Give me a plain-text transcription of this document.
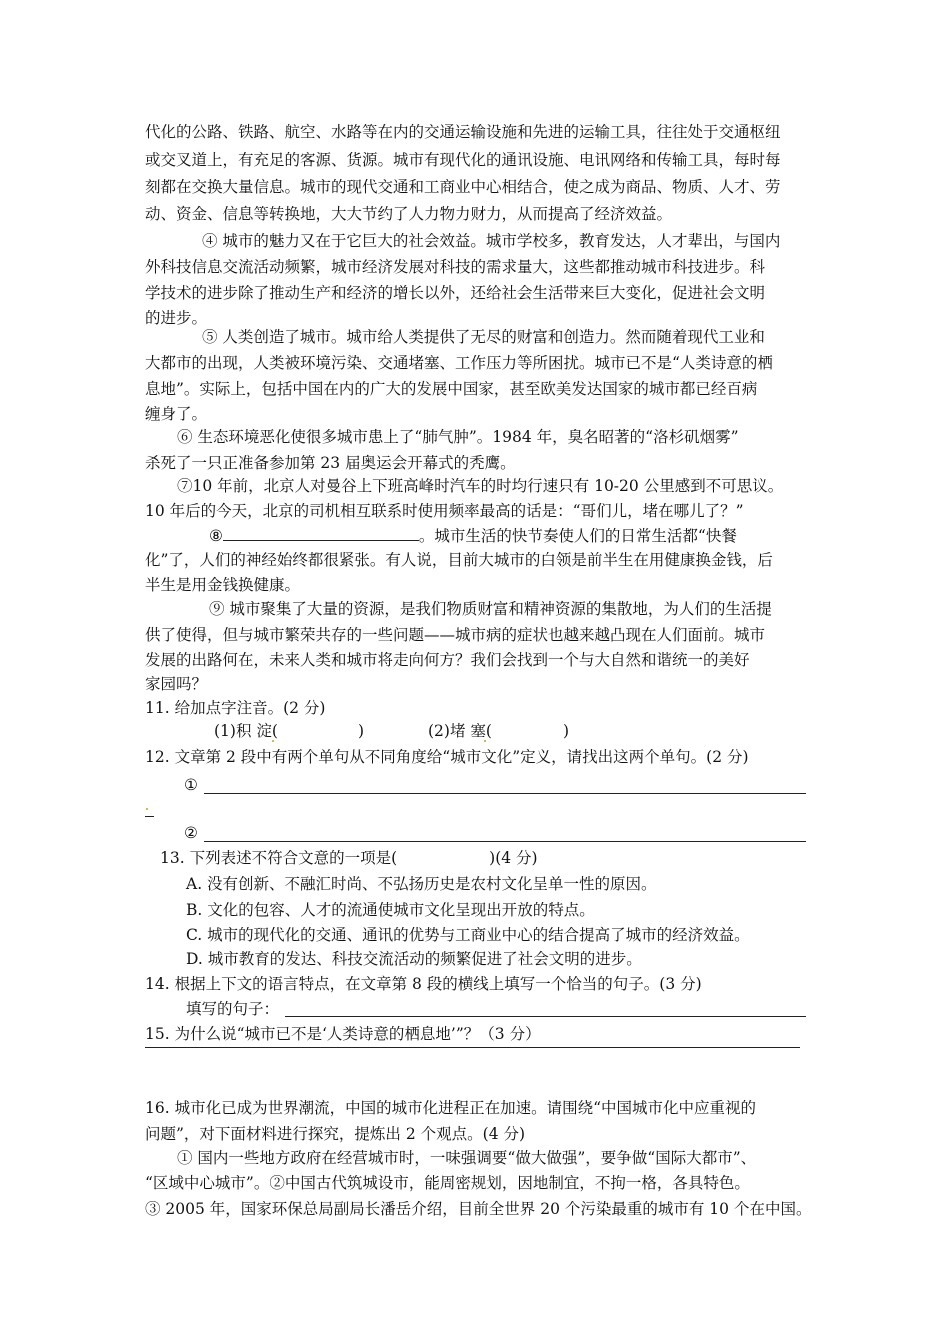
代化的公路、铁路、航空、水路等在内的交通运输设施和先进的运输工具，往往处于交通枢纽
或交叉道上，有充足的客源、货源。城市有现代化的通讯设施、电讯网络和传输工具，每时每
刻都在交换大量信息。城市的现代交通和工商业中心相结合，使之成为商品、物质、人才、劳
动、资金、信息等转换地，大大节约了人力物力财力，从而提高了经济效益。
④ 城市的魅力又在于它巨大的社会效益。城市学校多，教育发达，人才辈出，与国内
外科技信息交流活动频繁，城市经济发展对科技的需求量大，这些都推动城市科技进步。科
学技术的进步除了推动生产和经济的增长以外，还给社会生活带来巨大变化，促进社会文明
的进步。
⑤ 人类创造了城市。城市给人类提供了无尽的财富和创造力。然而随着现代工业和
大都市的出现，人类被环境污染、交通堵塞、工作压力等所困扰。城市已不是“人类诗意的栖
息地”。实际上，包括中国在内的广大的发展中国家，甚至欧美发达国家的城市都已经百病
缠身了。
⑥ 生态环境恶化使很多城市患上了“肺气肿”。1984 年，臭名昭著的“洛杉矶烟雾”
杀死了一只正准备参加第 23 届奥运会开幕式的秃鹰。
⑦10 年前，北京人对曼谷上下班高峰时汽车的时均行速只有 10-20 公里感到不可思议。
10 年后的今天，北京的司机相互联系时使用频率最高的话是：“哥们儿，堵在哪儿了？”
⑧	。城市生活的快节奏使人们的日常生活都“快餐
化”了，人们的神经始终都很紧张。有人说，目前大城市的白领是前半生在用健康换金钱，后
半生是用金钱换健康。
⑨ 城市聚集了大量的资源，是我们物质财富和精神资源的集散地，为人们的生活提
供了使得，但与城市繁荣共存的一些问题——城市病的症状也越来越凸现在人们面前。城市
发展的出路何在，未来人类和城市将走向何方？我们会找到一个与大自然和谐统一的美好
家园吗？
11. 给加点字注音。(2 分)
(1)积 淀(	)	(2)堵 塞(	)
12. 文章第 2 段中有两个单句从不同角度给“城市文化”定义，请找出这两个单句。(2 分)
①
②
13. 下列表述不符合文意的一项是(	)(4 分)
A. 没有创新、不融汇时尚、不弘扬历史是农村文化呈单一性的原因。
B. 文化的包容、人才的流通使城市文化呈现出开放的特点。
C. 城市的现代化的交通、通讯的优势与工商业中心的结合提高了城市的经济效益。
D. 城市教育的发达、科技交流活动的频繁促进了社会文明的进步。
14. 根据上下文的语言特点，在文章第 8 段的横线上填写一个恰当的句子。(3 分)
填写的句子：
15. 为什么说“城市已不是‘人类诗意的栖息地’”？（3 分）
16. 城市化已成为世界潮流，中国的城市化进程正在加速。请围绕“中国城市化中应重视的
问题”，对下面材料进行探究，提炼出 2 个观点。(4 分)
① 国内一些地方政府在经营城市时，一味强调要“做大做强”，要争做“国际大都市”、
“区域中心城市”。②中国古代筑城设市，能周密规划，因地制宜，不拘一格，各具特色。
③ 2005 年，国家环保总局副局长潘岳介绍，目前全世界 20 个污染最重的城市有 10 个在中国。
